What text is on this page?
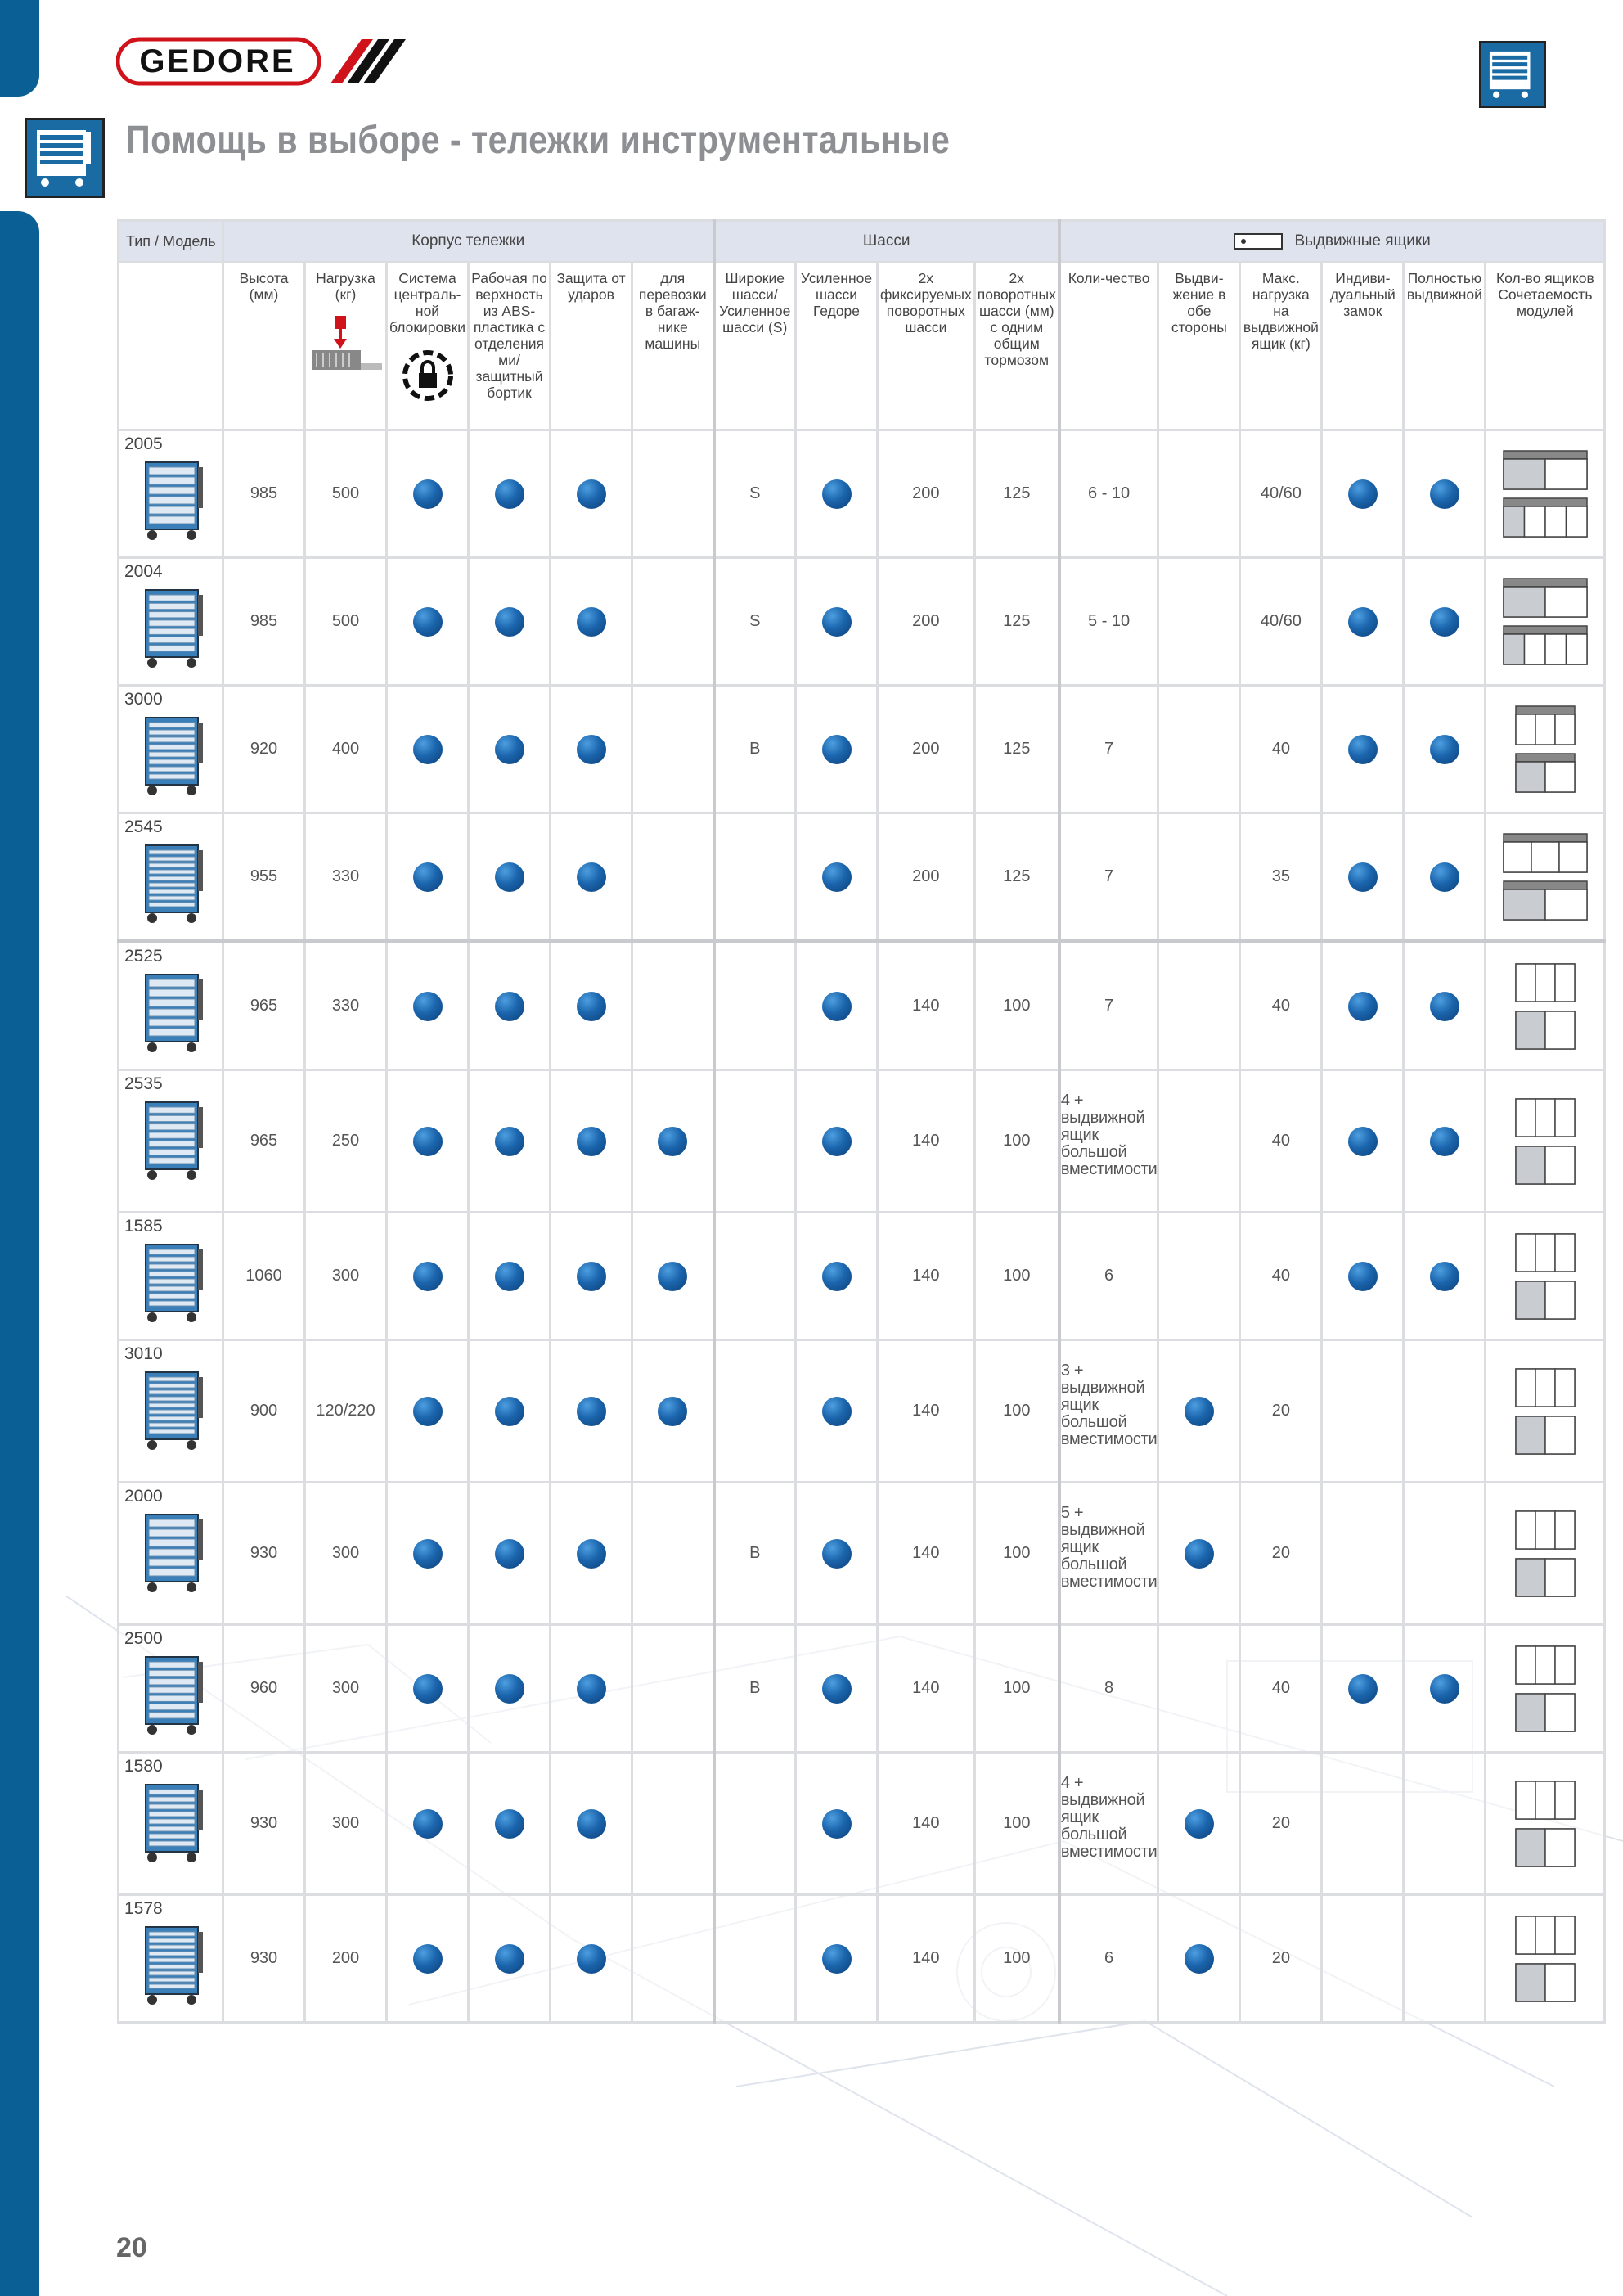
GEDORE
Помощь в выборе - тележки инструментальные
Тип / Модель	Корпус тележки						Шасси				Выдвижные ящики					

	Высота (мм)	Нагрузка (кг)	Система централь-ной блокировки	Рабочая по верхность из ABS-пластика с отделения ми/ защитный бортик	Защита от ударов	для перевозки в багаж-нике машины	Широкие шасси/ Усиленное шасси (S)	Усиленное шасси Гедоре	2x фиксируемых поворотных шасси	2x поворотных шасси (мм) с одним общим тормозом	Коли-чество	Выдви-жение в обе стороны	Макс. нагрузка на выдвижной ящик (кг)	Индиви-дуальный замок	Полностью выдвижной	Кол-во ящиков Сочетаемость модулей

2005	985	500					S		200	125	6 - 10		40/60			

2004	985	500					S		200	125	5 - 10		40/60			

3000	920	400					B		200	125	7		40			

2545	955	330							200	125	7		35			

2525	965	330							140	100	7		40			

2535	965	250							140	100	4 + выдвижной ящик большой вместимости		40			

1585	1060	300							140	100	6		40			

3010	900	120/220							140	100	3 + выдвижной ящик большой вместимости		20			

2000	930	300					B		140	100	5 + выдвижной ящик большой вместимости		20			

2500	960	300					B		140	100	8		40			

1580	930	300							140	100	4 + выдвижной ящик большой вместимости		20			

1578	930	200							140	100	6		20			
20
